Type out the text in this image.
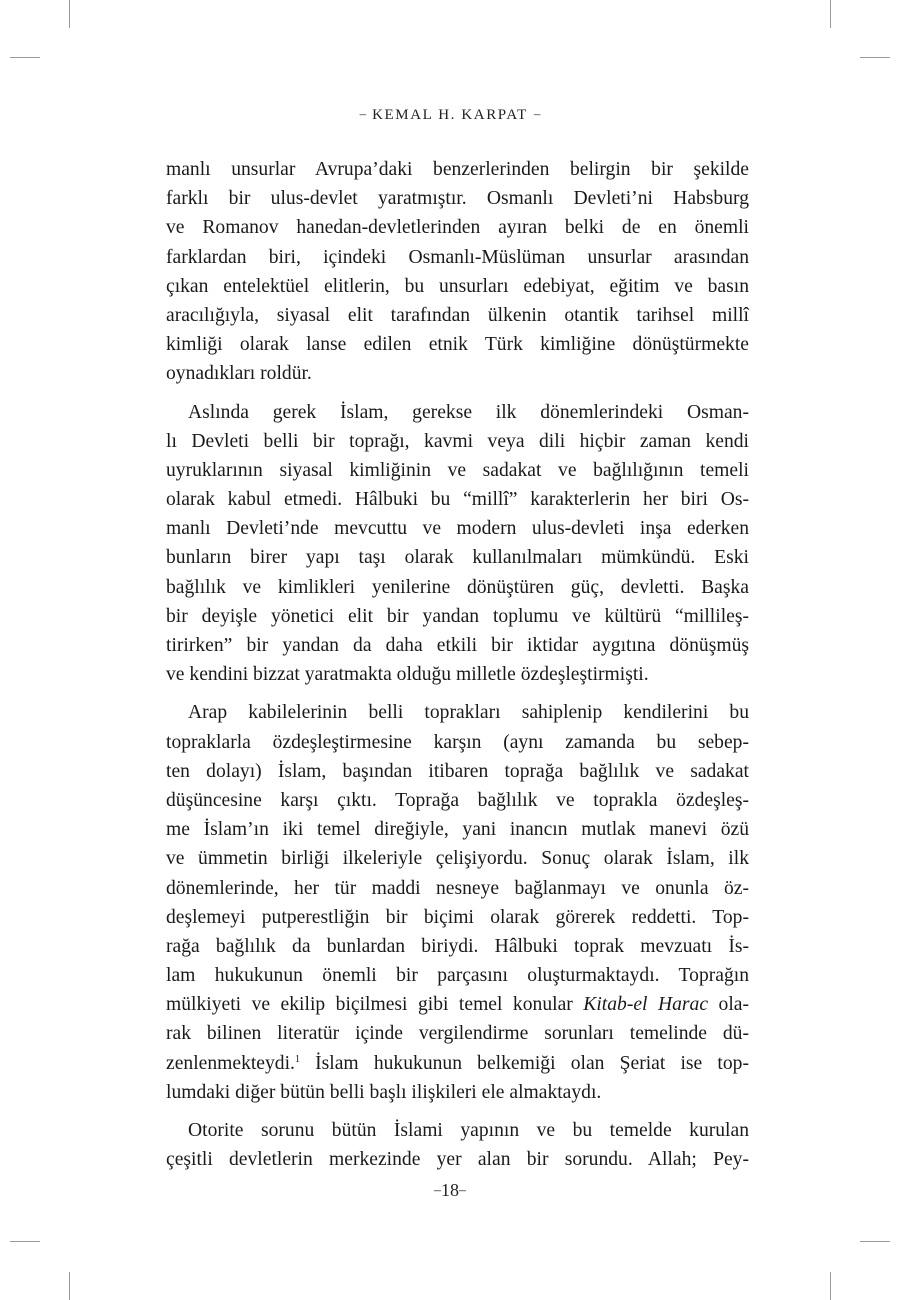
– KEMAL H. KARPAT –
manlı unsurlar Avrupa’daki benzerlerinden belirgin bir şekilde
farklı bir ulus-devlet yaratmıştır. Osmanlı Devleti’ni Habsburg
ve Romanov hanedan-devletlerinden ayıran belki de en önemli
farklardan biri, içindeki Osmanlı-Müslüman unsurlar arasından
çıkan entelektüel elitlerin, bu unsurları edebiyat, eğitim ve basın
aracılığıyla, siyasal elit tarafından ülkenin otantik tarihsel millî
kimliği olarak lanse edilen etnik Türk kimliğine dönüştürmekte
oynadıkları roldür.
Aslında gerek İslam, gerekse ilk dönemlerindeki Osman-
lı Devleti belli bir toprağı, kavmi veya dili hiçbir zaman kendi
uyruklarının siyasal kimliğinin ve sadakat ve bağlılığının temeli
olarak kabul etmedi. Hâlbuki bu “millî” karakterlerin her biri Os-
manlı Devleti’nde mevcuttu ve modern ulus-devleti inşa ederken
bunların birer yapı taşı olarak kullanılmaları mümkündü. Eski
bağlılık ve kimlikleri yenilerine dönüştüren güç, devletti. Başka
bir deyişle yönetici elit bir yandan toplumu ve kültürü “millileş-
tirirken” bir yandan da daha etkili bir iktidar aygıtına dönüşmüş
ve kendini bizzat yaratmakta olduğu milletle özdeşleştirmişti.
Arap kabilelerinin belli toprakları sahiplenip kendilerini bu
topraklarla özdeşleştirmesine karşın (aynı zamanda bu sebep-
ten dolayı) İslam, başından itibaren toprağa bağlılık ve sadakat
düşüncesine karşı çıktı. Toprağa bağlılık ve toprakla özdeşleş-
me İslam’ın iki temel direğiyle, yani inancın mutlak manevi özü
ve ümmetin birliği ilkeleriyle çelişiyordu. Sonuç olarak İslam, ilk
dönemlerinde, her tür maddi nesneye bağlanmayı ve onunla öz-
deşlemeyi putperestliğin bir biçimi olarak görerek reddetti. Top-
rağa bağlılık da bunlardan biriydi. Hâlbuki toprak mevzuatı İs-
lam hukukunun önemli bir parçasını oluşturmaktaydı. Toprağın
mülkiyeti ve ekilip biçilmesi gibi temel konular Kitab-el Harac ola-
rak bilinen literatür içinde vergilendirme sorunları temelinde dü-
zenlenmekteydi.$^1$ İslam hukukunun belkemiği olan Şeriat ise top-
lumdaki diğer bütün belli başlı ilişkileri ele almaktaydı.
Otorite sorunu bütün İslami yapının ve bu temelde kurulan
çeşitli devletlerin merkezinde yer alan bir sorundu. Allah; Pey-
–18–
